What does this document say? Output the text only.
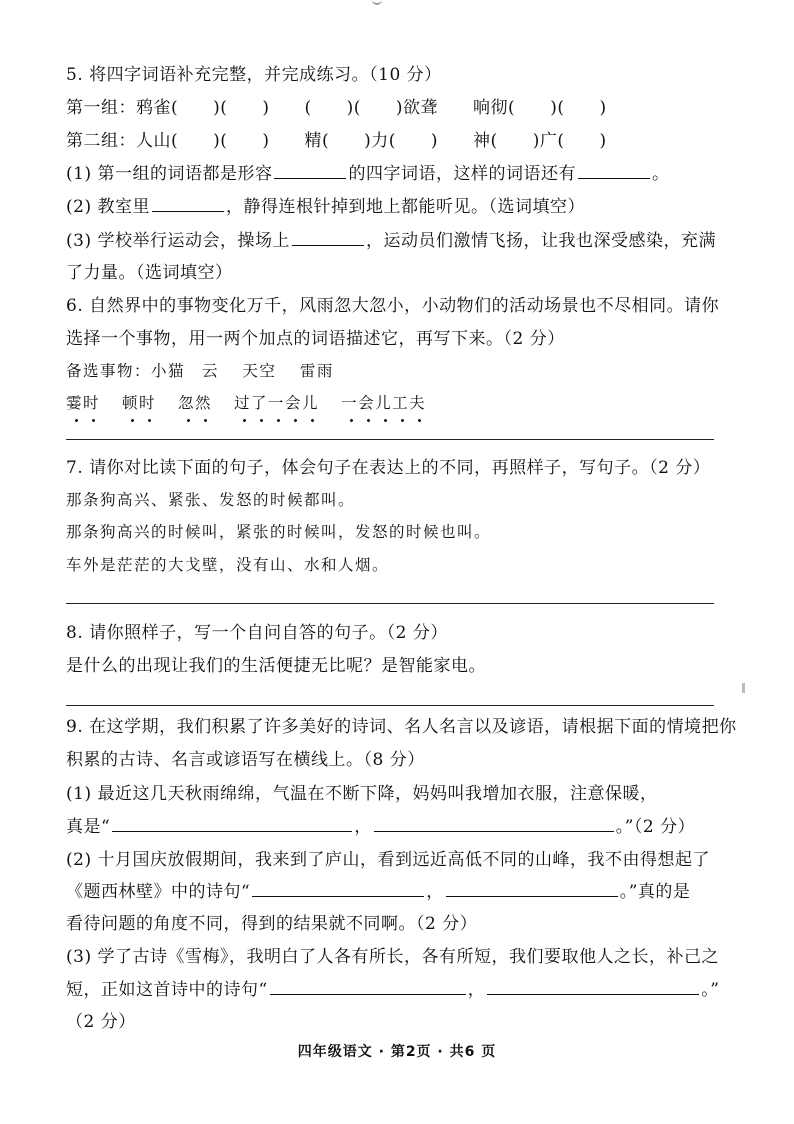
5. 将四字词语补充完整，并完成练习。（10 分）
第一组：鸦雀(　　)(　　)　　(　　)(　　)欲聋　　响彻(　　)(　　)
第二组：人山(　　)(　　)　　精(　　)力(　　)　　神(　　)广(　　)
(1) 第一组的词语都是形容	的四字词语，这样的词语还有	。
(2) 教室里	，静得连根针掉到地上都能听见。（选词填空）
(3) 学校举行运动会，操场上	，运动员们激情飞扬，让我也深受感染，充满
了力量。（选词填空）
6. 自然界中的事物变化万千，风雨忽大忽小，小动物们的活动场景也不尽相同。请你
选择一个事物，用一两个加点的词语描述它，再写下来。（2 分）
备选事物：小猫　云　 天空　 雷雨
霎时 顿时 忽然 过了一会儿 一会儿工夫
7. 请你对比读下面的句子，体会句子在表达上的不同，再照样子，写句子。（2 分）
那条狗高兴、紧张、发怒的时候都叫。
那条狗高兴的时候叫，紧张的时候叫，发怒的时候也叫。
车外是茫茫的大戈壁，没有山、水和人烟。
8. 请你照样子，写一个自问自答的句子。（2 分）
是什么的出现让我们的生活便捷无比呢？是智能家电。
9. 在这学期，我们积累了许多美好的诗词、名人名言以及谚语，请根据下面的情境把你
积累的古诗、名言或谚语写在横线上。（8 分）
(1) 最近这几天秋雨绵绵，气温在不断下降，妈妈叫我增加衣服，注意保暖，
真是“	，	。”（2 分）
(2) 十月国庆放假期间，我来到了庐山，看到远近高低不同的山峰，我不由得想起了
《题西林壁》中的诗句“	，	。”真的是
看待问题的角度不同，得到的结果就不同啊。（2 分）
(3) 学了古诗《雪梅》，我明白了人各有所长，各有所短，我们要取他人之长，补己之
短，正如这首诗中的诗句“	，	。”
（2 分）
四年级语文 · 第2页 · 共6 页
